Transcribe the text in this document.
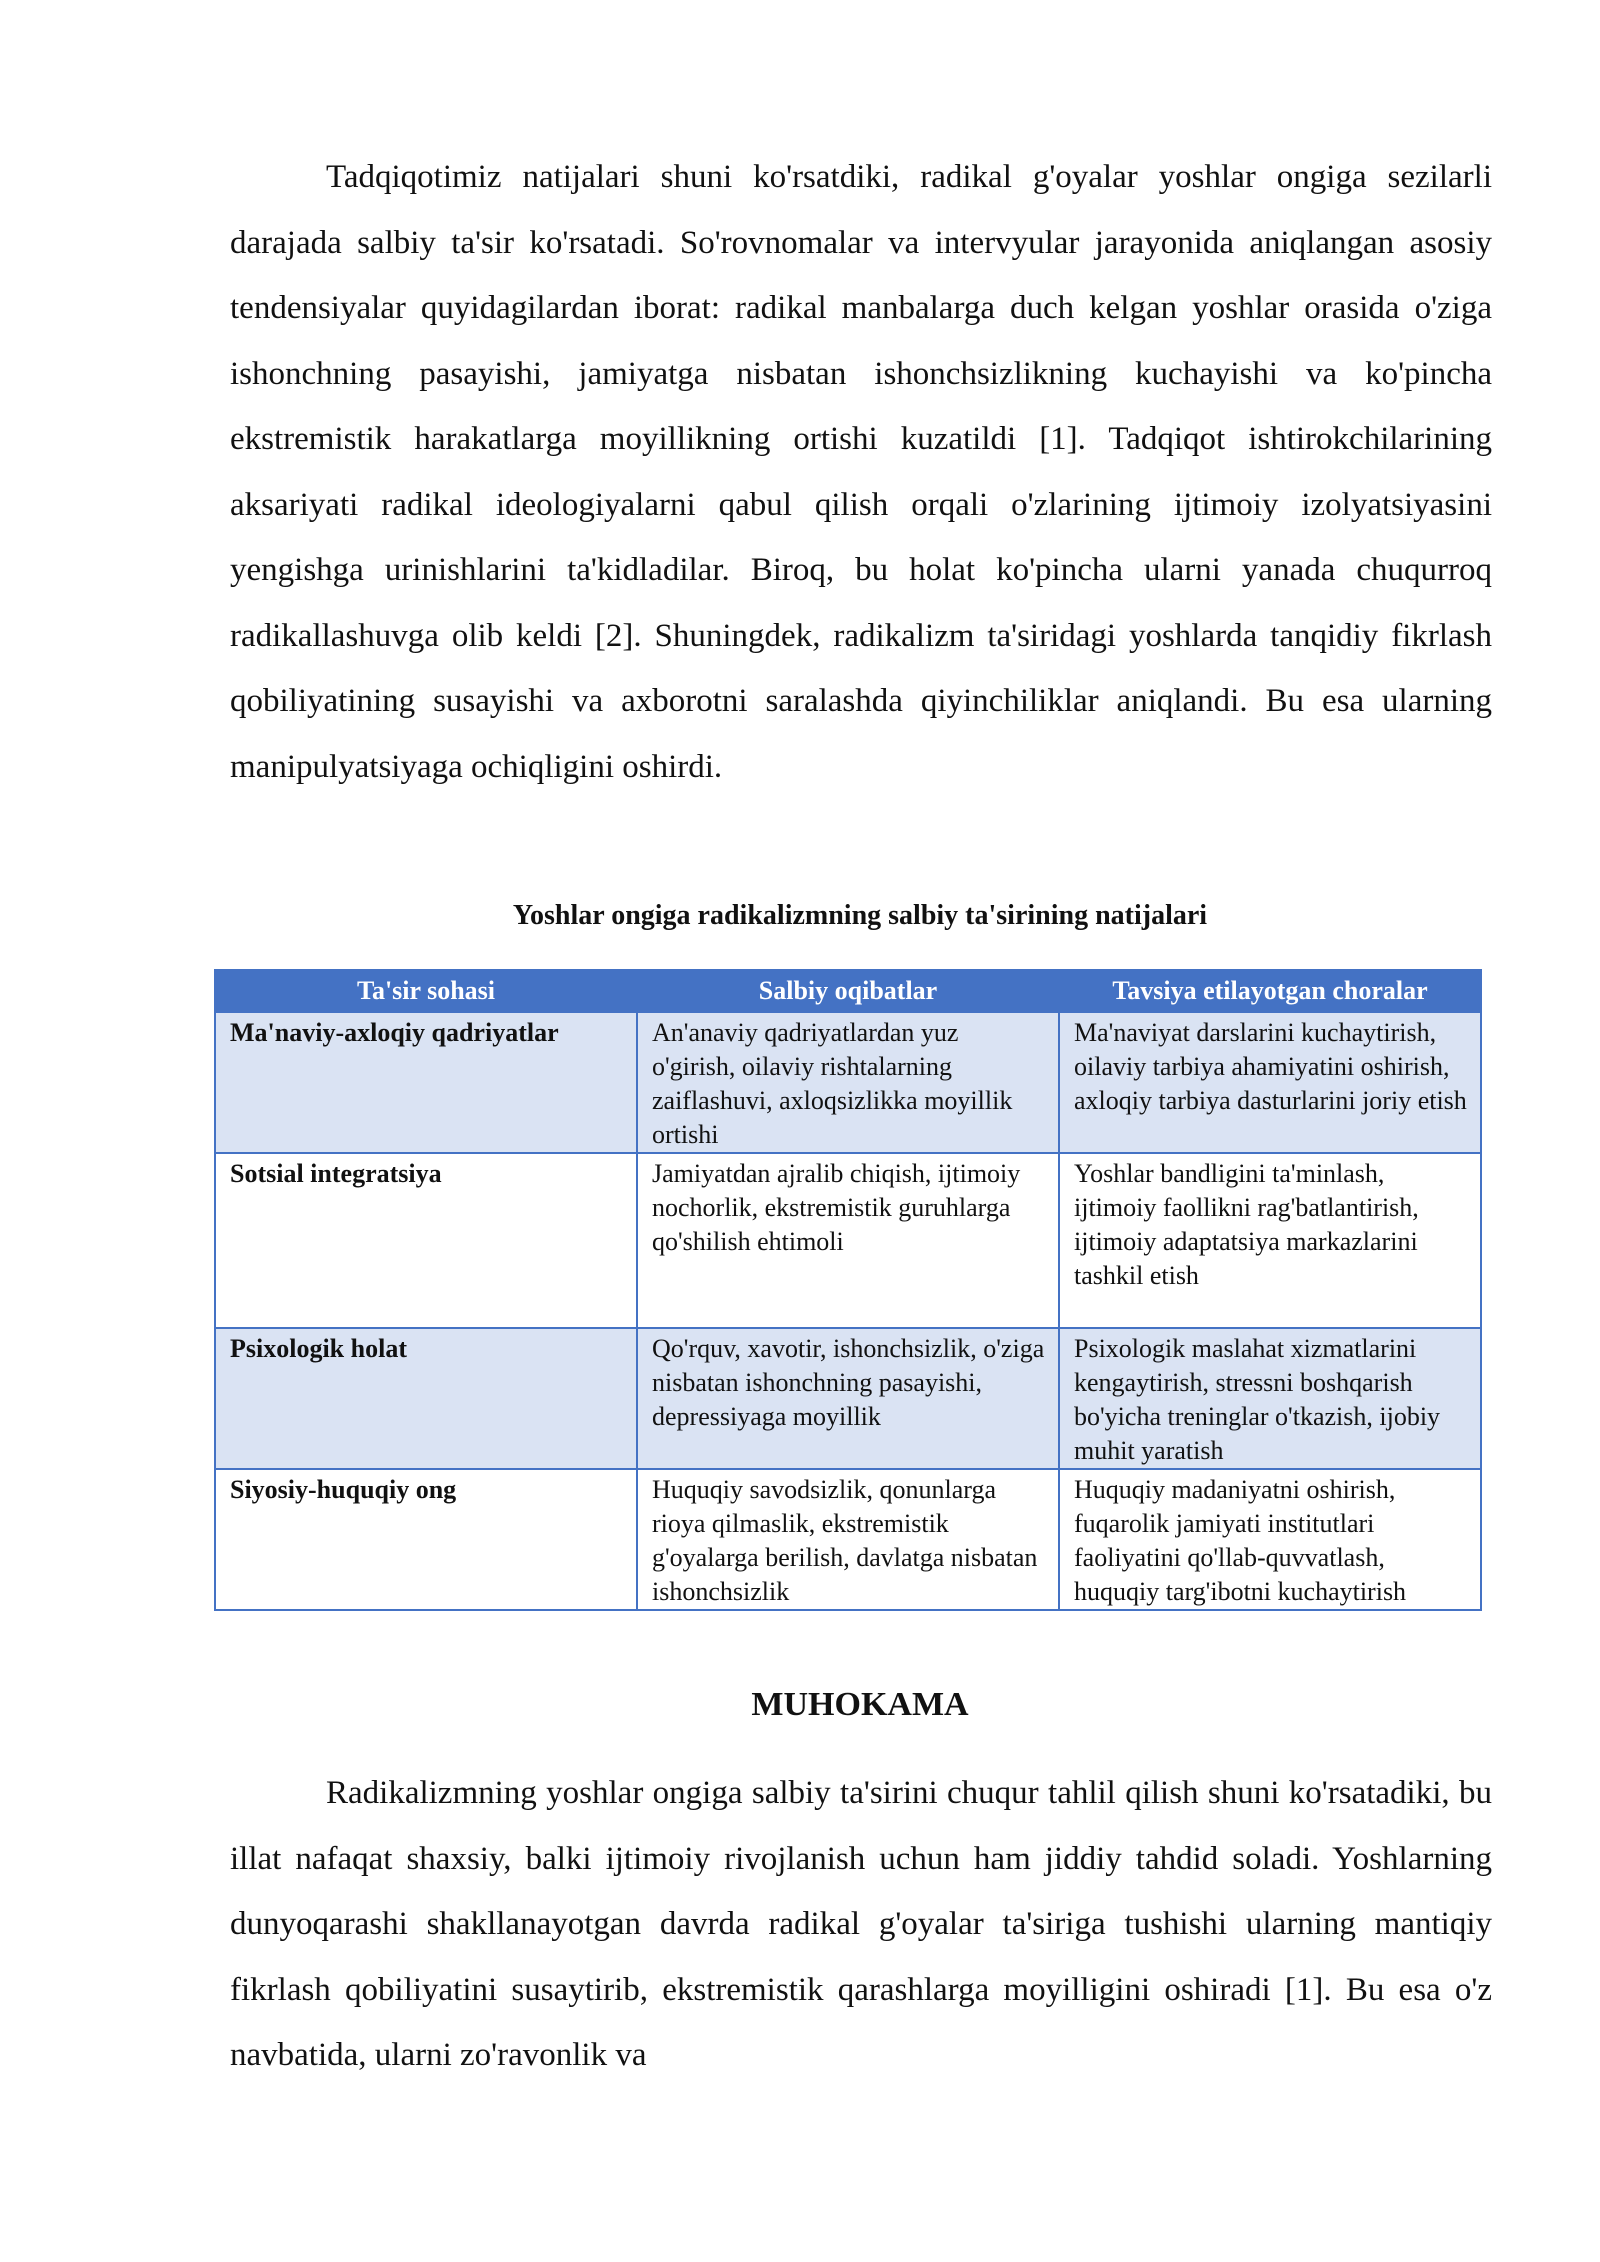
Tadqiqotimiz natijalari shuni ko'rsatdiki, radikal g'oyalar yoshlar ongiga sezilarli darajada salbiy ta'sir ko'rsatadi. So'rovnomalar va intervyular jarayonida aniqlangan asosiy tendensiyalar quyidagilardan iborat: radikal manbalarga duch kelgan yoshlar orasida o'ziga ishonchning pasayishi, jamiyatga nisbatan ishonchsizlikning kuchayishi va ko'pincha ekstremistik harakatlarga moyillikning ortishi kuzatildi [1]. Tadqiqot ishtirokchilarining aksariyati radikal ideologiyalarni qabul qilish orqali o'zlarining ijtimoiy izolyatsiyasini yengishga urinishlarini ta'kidladilar. Biroq, bu holat ko'pincha ularni yanada chuqurroq radikallashuvga olib keldi [2]. Shuningdek, radikalizm ta'siridagi yoshlarda tanqidiy fikrlash qobiliyatining susayishi va axborotni saralashda qiyinchiliklar aniqlandi. Bu esa ularning manipulyatsiyaga ochiqligini oshirdi.

Yoshlar ongiga radikalizmning salbiy ta'sirining natijalari

Ta'sir sohasi	Salbiy oqibatlar	Tavsiya etilayotgan choralar
Ma'naviy-axloqiy qadriyatlar	An'anaviy qadriyatlardan yuz o'girish, oilaviy rishtalarning zaiflashuvi, axloqsizlikka moyillik ortishi	Ma'naviyat darslarini kuchaytirish, oilaviy tarbiya ahamiyatini oshirish, axloqiy tarbiya dasturlarini joriy etish
Sotsial integratsiya	Jamiyatdan ajralib chiqish, ijtimoiy nochorlik, ekstremistik guruhlarga qo'shilish ehtimoli	Yoshlar bandligini ta'minlash, ijtimoiy faollikni rag'batlantirish, ijtimoiy adaptatsiya markazlarini tashkil etish
Psixologik holat	Qo'rquv, xavotir, ishonchsizlik, o'ziga nisbatan ishonchning pasayishi, depressiyaga moyillik	Psixologik maslahat xizmatlarini kengaytirish, stressni boshqarish bo'yicha treninglar o'tkazish, ijobiy muhit yaratish
Siyosiy-huquqiy ong	Huquqiy savodsizlik, qonunlarga rioya qilmaslik, ekstremistik g'oyalarga berilish, davlatga nisbatan ishonchsizlik	Huquqiy madaniyatni oshirish, fuqarolik jamiyati institutlari faoliyatini qo'llab-quvvatlash, huquqiy targ'ibotni kuchaytirish
MUHOKAMA

Radikalizmning yoshlar ongiga salbiy ta'sirini chuqur tahlil qilish shuni ko'rsatadiki, bu illat nafaqat shaxsiy, balki ijtimoiy rivojlanish uchun ham jiddiy tahdid soladi. Yoshlarning dunyoqarashi shakllanayotgan davrda radikal g'oyalar ta'siriga tushishi ularning mantiqiy fikrlash qobiliyatini susaytirib, ekstremistik qarashlarga moyilligini oshiradi [1]. Bu esa o'z navbatida, ularni zo'ravonlik va
